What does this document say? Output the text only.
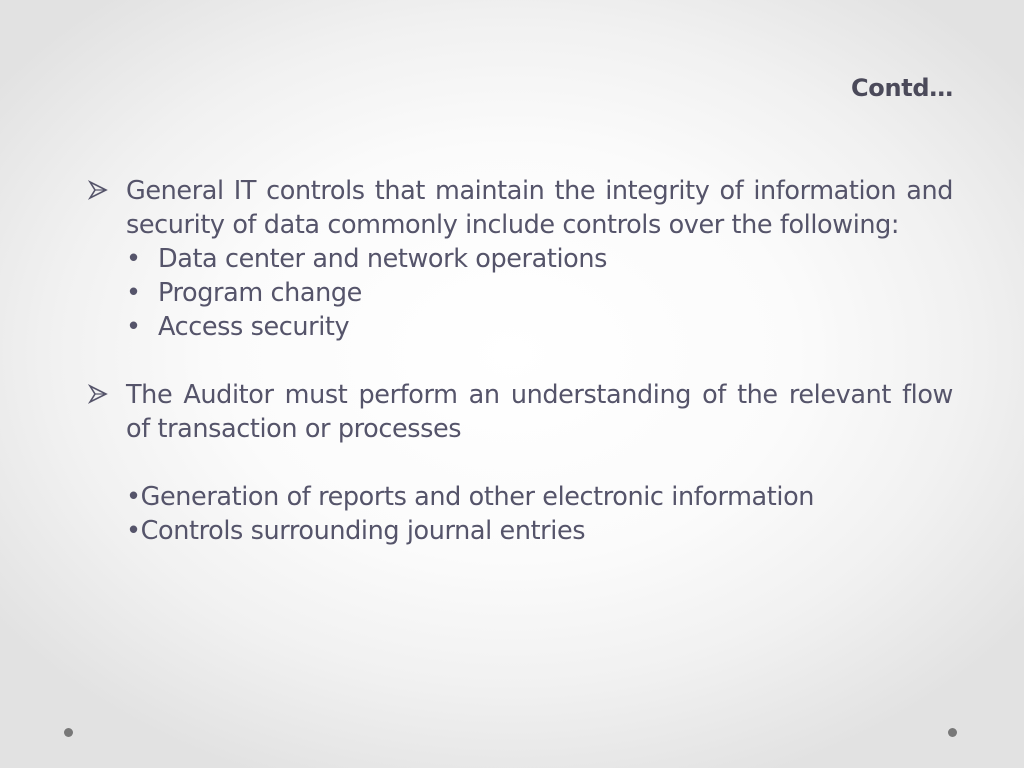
Contd…
General IT controls that maintain the integrity of information and security of data commonly include controls over the following:
• Data center and network operations
• Program change
• Access security
The Auditor must perform an understanding of the relevant flow of transaction or processes
•Generation of reports and other electronic information
•Controls surrounding journal entries
